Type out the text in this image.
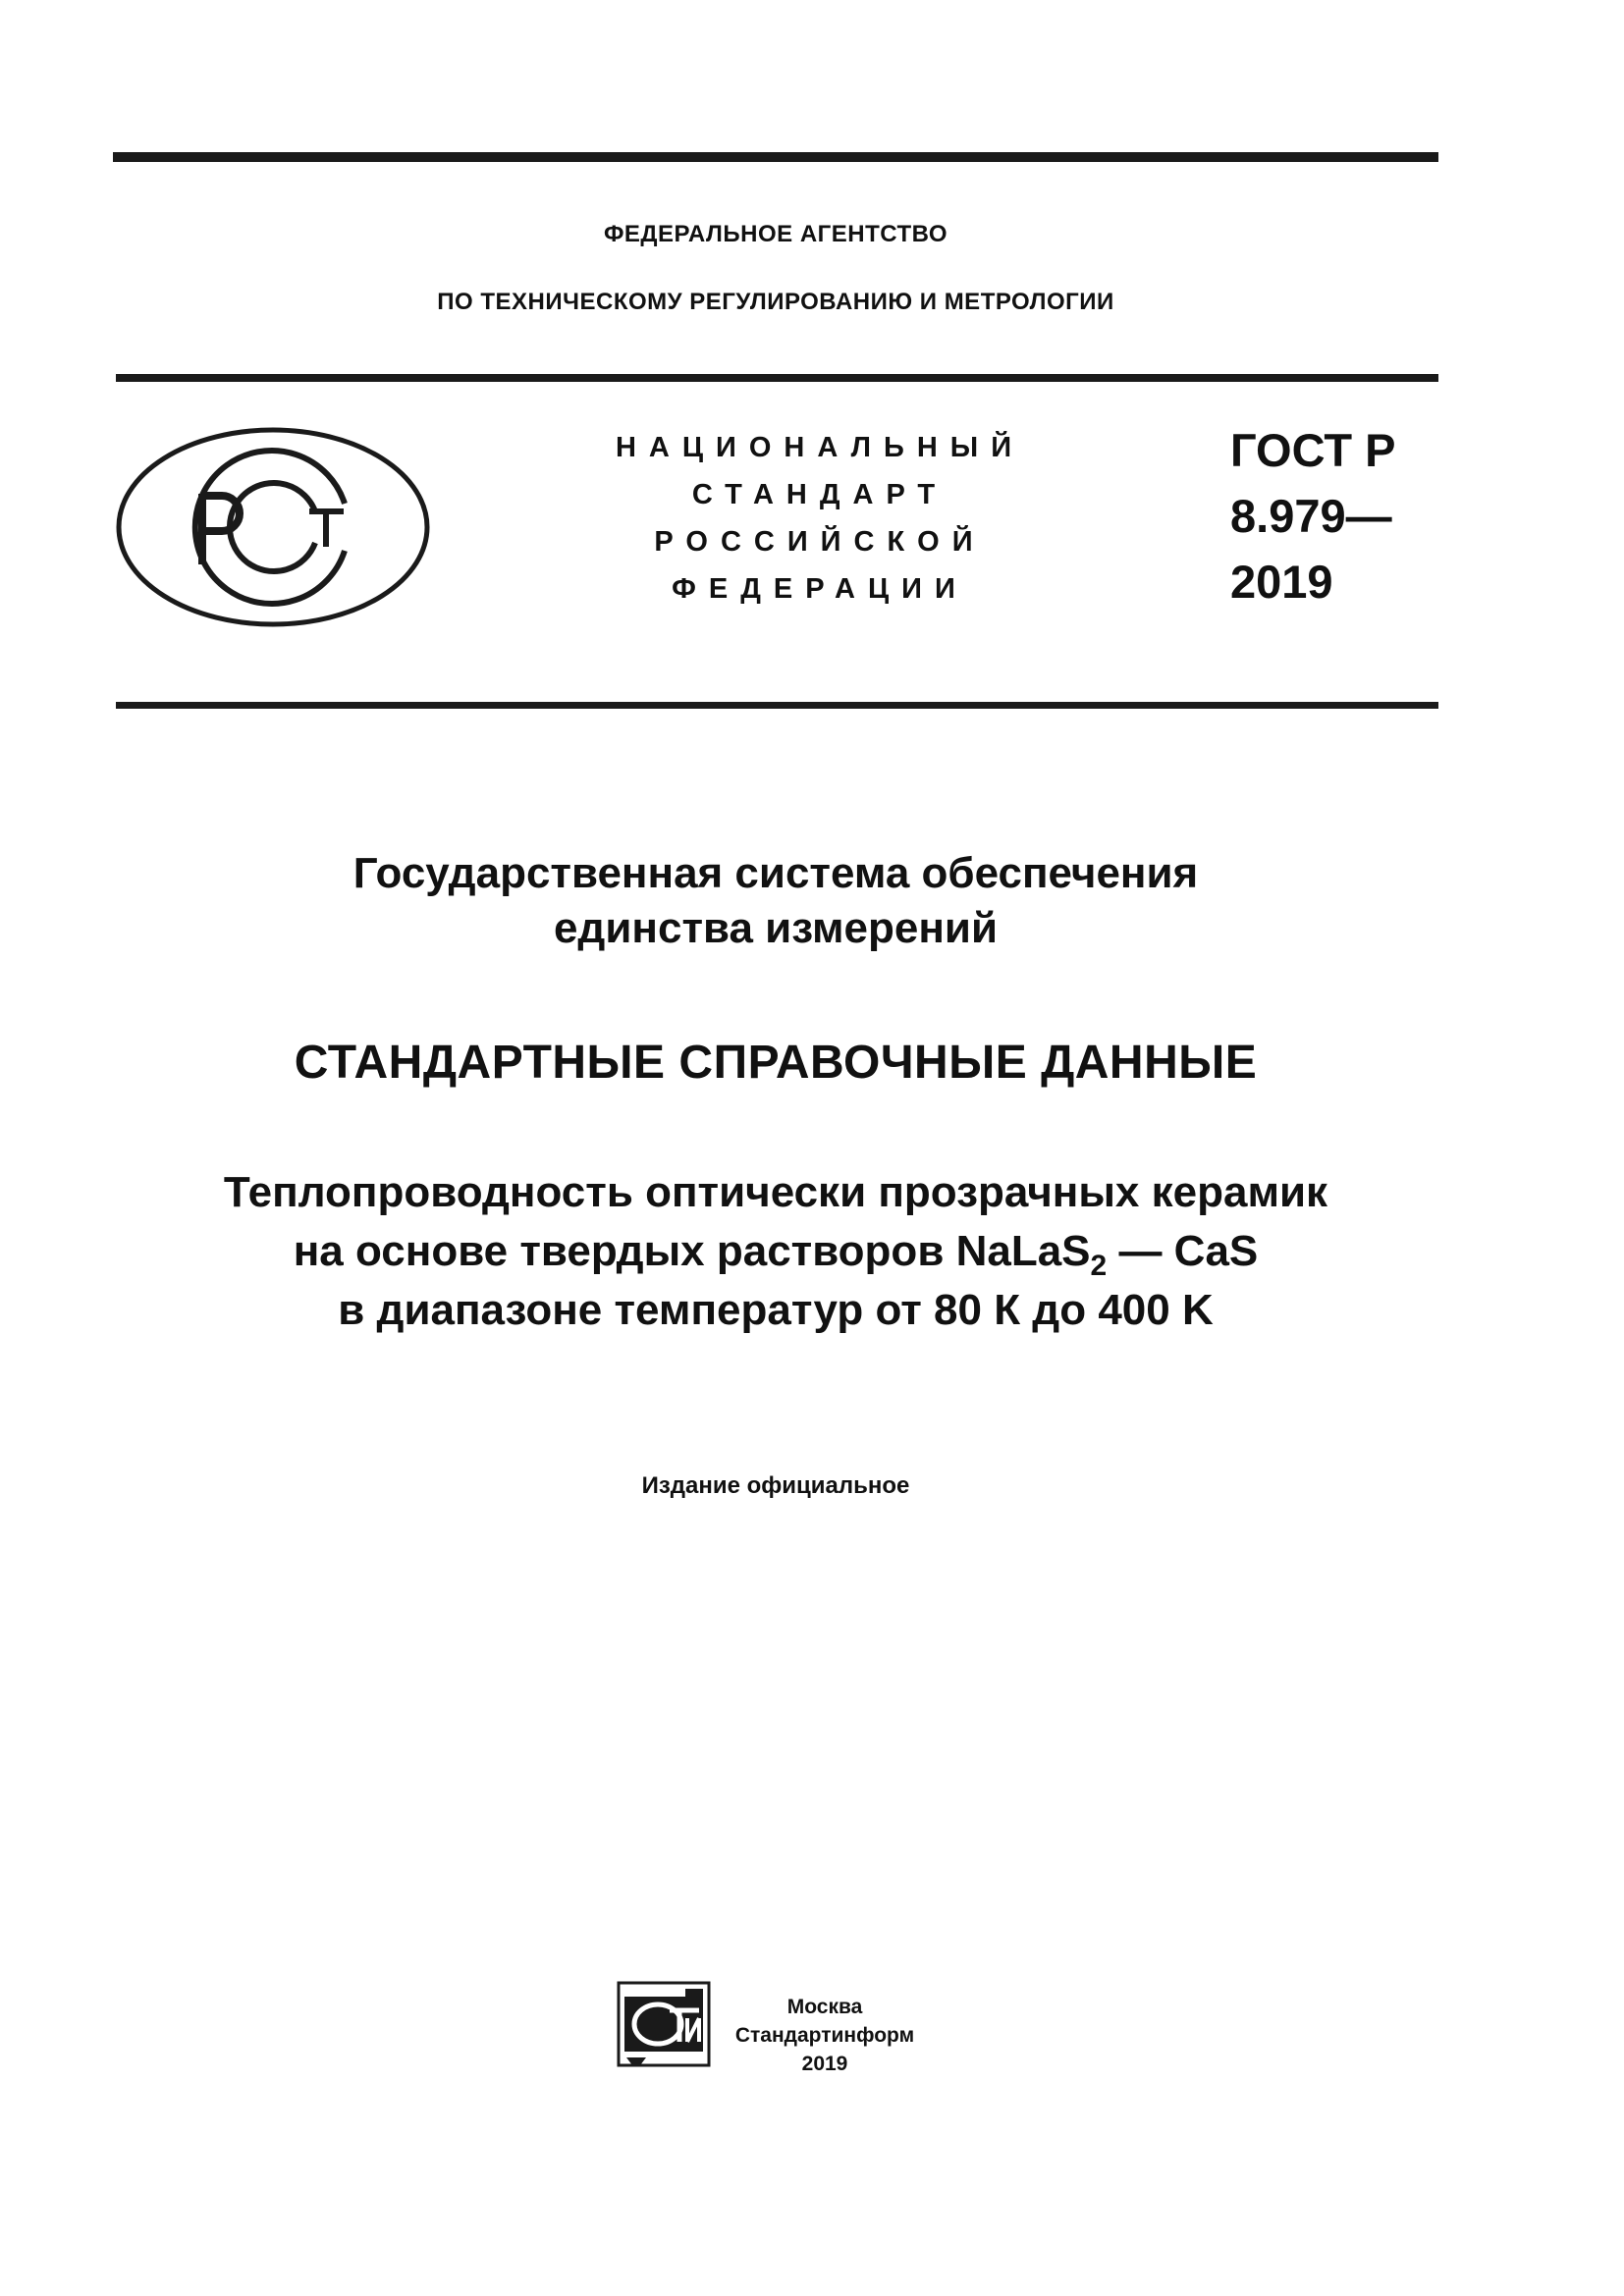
ФЕДЕРАЛЬНОЕ АГЕНТСТВО
ПО ТЕХНИЧЕСКОМУ РЕГУЛИРОВАНИЮ И МЕТРОЛОГИИ
НАЦИОНАЛЬНЫЙ
СТАНДАРТ
РОССИЙСКОЙ
ФЕДЕРАЦИИ
ГОСТ Р
8.979—
2019
Государственная система обеспечения
единства измерений
СТАНДАРТНЫЕ СПРАВОЧНЫЕ ДАННЫЕ
Теплопроводность оптически прозрачных керамик
на основе твердых растворов NaLaS$_2$ — CaS
в диапазоне температур от 80 К до 400 K
Издание официальное
Москва
Стандартинформ
2019
